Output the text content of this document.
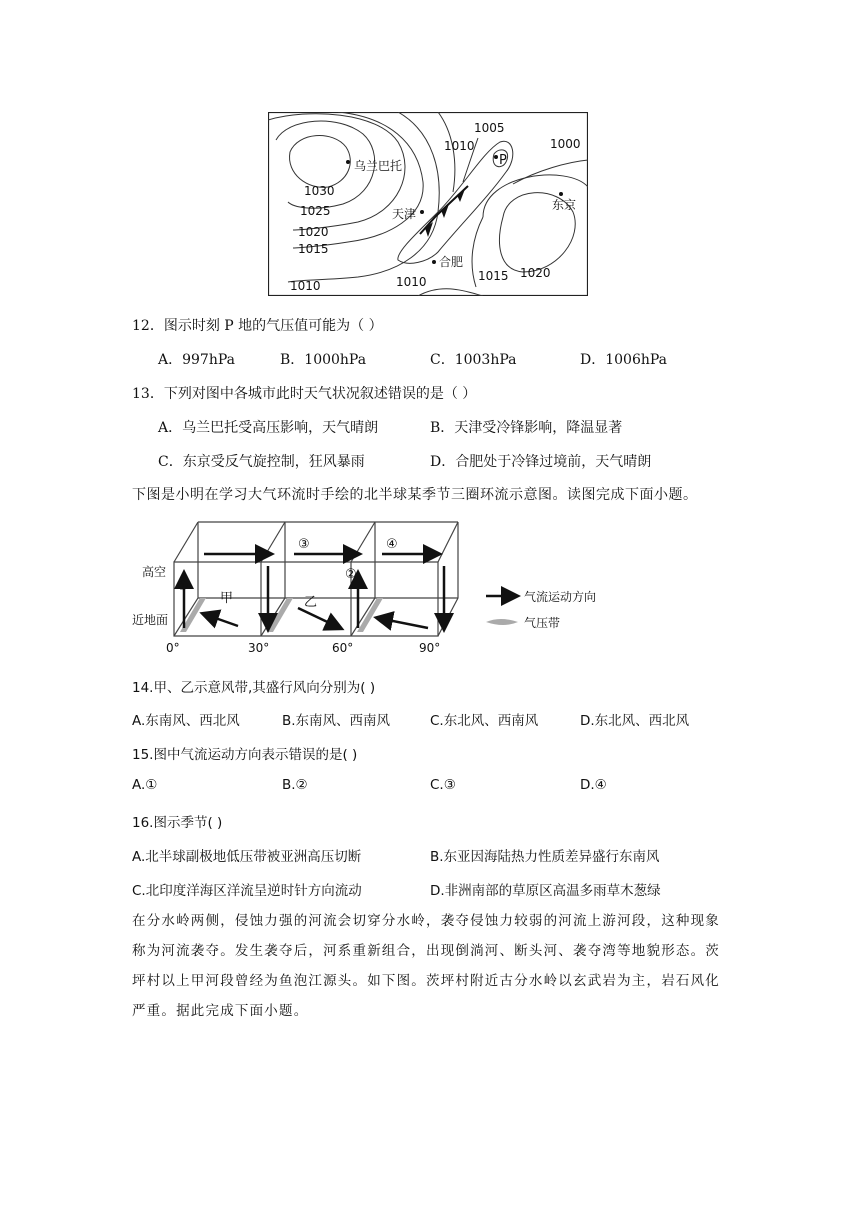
1005
1000
1010
1030
1025
1020
1015
1010	1010	1015 1020
乌兰巴托
天津
东京
合肥
P
12．图示时刻 P 地的气压值可能为（ ）
A．997hPa	B．1000hPa	C．1003hPa	D．1006hPa
13．下列对图中各城市此时天气状况叙述错误的是（ ）
A．乌兰巴托受高压影响，天气晴朗	B．天津受冷锋影响，降温显著
C．东京受反气旋控制，狂风暴雨	D．合肥处于冷锋过境前，天气晴朗
下图是小明在学习大气环流时手绘的北半球某季节三圈环流示意图。读图完成下面小题。
高空
近地面
①
②
③	④
甲	乙
0°	30°	60°	90°
气流运动方向
气压带
14.甲、乙示意风带,其盛行风向分别为( )
A.东南风、西北风	B.东南风、西南风	C.东北风、西南风	D.东北风、西北风
15.图中气流运动方向表示错误的是( )
A.①	B.②	C.③	D.④
16.图示季节( )
A.北半球副极地低压带被亚洲高压切断	B.东亚因海陆热力性质差异盛行东南风
C.北印度洋海区洋流呈逆时针方向流动	D.非洲南部的草原区高温多雨草木葱绿
在分水岭两侧，侵蚀力强的河流会切穿分水岭，袭夺侵蚀力较弱的河流上游河段，这种现象
称为河流袭夺。发生袭夺后，河系重新组合，出现倒淌河、断头河、袭夺湾等地貌形态。茨
坪村以上甲河段曾经为鱼泡江源头。如下图。茨坪村附近古分水岭以玄武岩为主，岩石风化
严重。据此完成下面小题。
